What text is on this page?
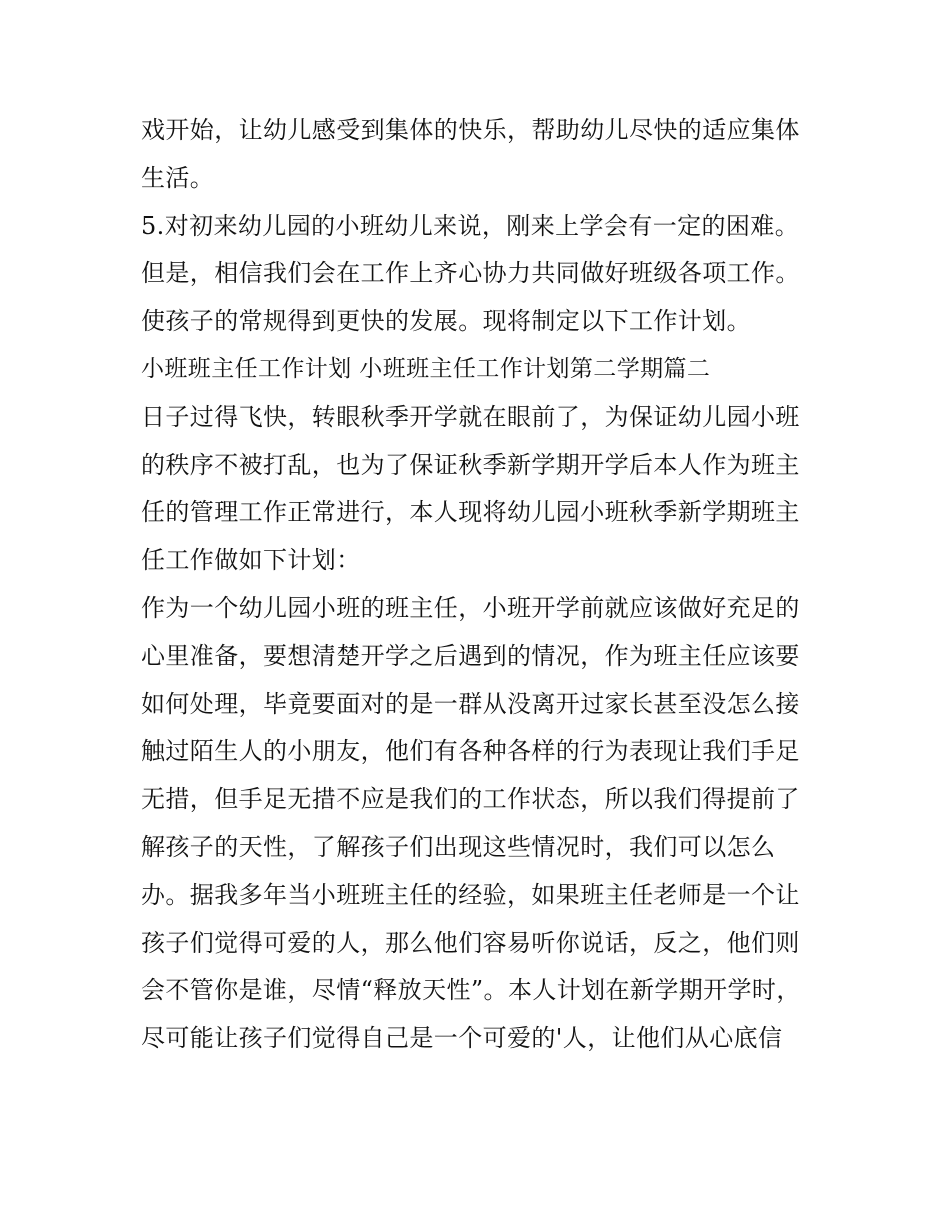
戏开始，让幼儿感受到集体的快乐，帮助幼儿尽快的适应集体
生活。
5.对初来幼儿园的小班幼儿来说，刚来上学会有一定的困难。
但是，相信我们会在工作上齐心协力共同做好班级各项工作。
使孩子的常规得到更快的发展。现将制定以下工作计划。
小班班主任工作计划 小班班主任工作计划第二学期篇二
日子过得飞快，转眼秋季开学就在眼前了，为保证幼儿园小班
的秩序不被打乱，也为了保证秋季新学期开学后本人作为班主
任的管理工作正常进行，本人现将幼儿园小班秋季新学期班主
任工作做如下计划：
作为一个幼儿园小班的班主任，小班开学前就应该做好充足的
心里准备，要想清楚开学之后遇到的情况，作为班主任应该要
如何处理，毕竟要面对的是一群从没离开过家长甚至没怎么接
触过陌生人的小朋友，他们有各种各样的行为表现让我们手足
无措，但手足无措不应是我们的工作状态，所以我们得提前了
解孩子的天性，了解孩子们出现这些情况时，我们可以怎么
办。据我多年当小班班主任的经验，如果班主任老师是一个让
孩子们觉得可爱的人，那么他们容易听你说话，反之，他们则
会不管你是谁，尽情“释放天性”。本人计划在新学期开学时，
尽可能让孩子们觉得自己是一个可爱的'人，让他们从心底信
